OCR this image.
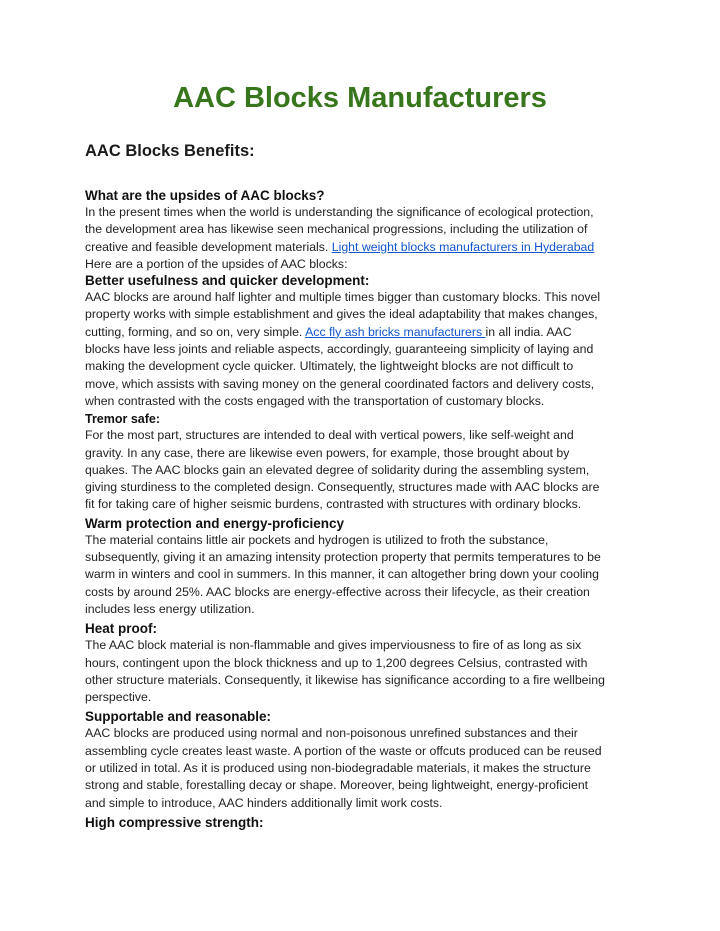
AAC Blocks Manufacturers
AAC Blocks Benefits:

What are the upsides of AAC blocks?

In the present times when the world is understanding the significance of ecological protection,
the development area has likewise seen mechanical progressions, including the utilization of
creative and feasible development materials. Light weight blocks manufacturers in Hyderabad
Here are a portion of the upsides of AAC blocks:

Better usefulness and quicker development:

AAC blocks are around half lighter and multiple times bigger than customary blocks. This novel
property works with simple establishment and gives the ideal adaptability that makes changes,
cutting, forming, and so on, very simple. Acc fly ash bricks manufacturers in all india. AAC
blocks have less joints and reliable aspects, accordingly, guaranteeing simplicity of laying and
making the development cycle quicker. Ultimately, the lightweight blocks are not difficult to
move, which assists with saving money on the general coordinated factors and delivery costs,
when contrasted with the costs engaged with the transportation of customary blocks.

Tremor safe:

For the most part, structures are intended to deal with vertical powers, like self-weight and
gravity. In any case, there are likewise even powers, for example, those brought about by
quakes. The AAC blocks gain an elevated degree of solidarity during the assembling system,
giving sturdiness to the completed design. Consequently, structures made with AAC blocks are
fit for taking care of higher seismic burdens, contrasted with structures with ordinary blocks.

Warm protection and energy-proficiency

The material contains little air pockets and hydrogen is utilized to froth the substance,
subsequently, giving it an amazing intensity protection property that permits temperatures to be
warm in winters and cool in summers. In this manner, it can altogether bring down your cooling
costs by around 25%. AAC blocks are energy-effective across their lifecycle, as their creation
includes less energy utilization.

Heat proof:

The AAC block material is non-flammable and gives imperviousness to fire of as long as six
hours, contingent upon the block thickness and up to 1,200 degrees Celsius, contrasted with
other structure materials. Consequently, it likewise has significance according to a fire wellbeing
perspective.

Supportable and reasonable:

AAC blocks are produced using normal and non-poisonous unrefined substances and their
assembling cycle creates least waste. A portion of the waste or offcuts produced can be reused
or utilized in total. As it is produced using non-biodegradable materials, it makes the structure
strong and stable, forestalling decay or shape. Moreover, being lightweight, energy-proficient
and simple to introduce, AAC hinders additionally limit work costs.

High compressive strength:
